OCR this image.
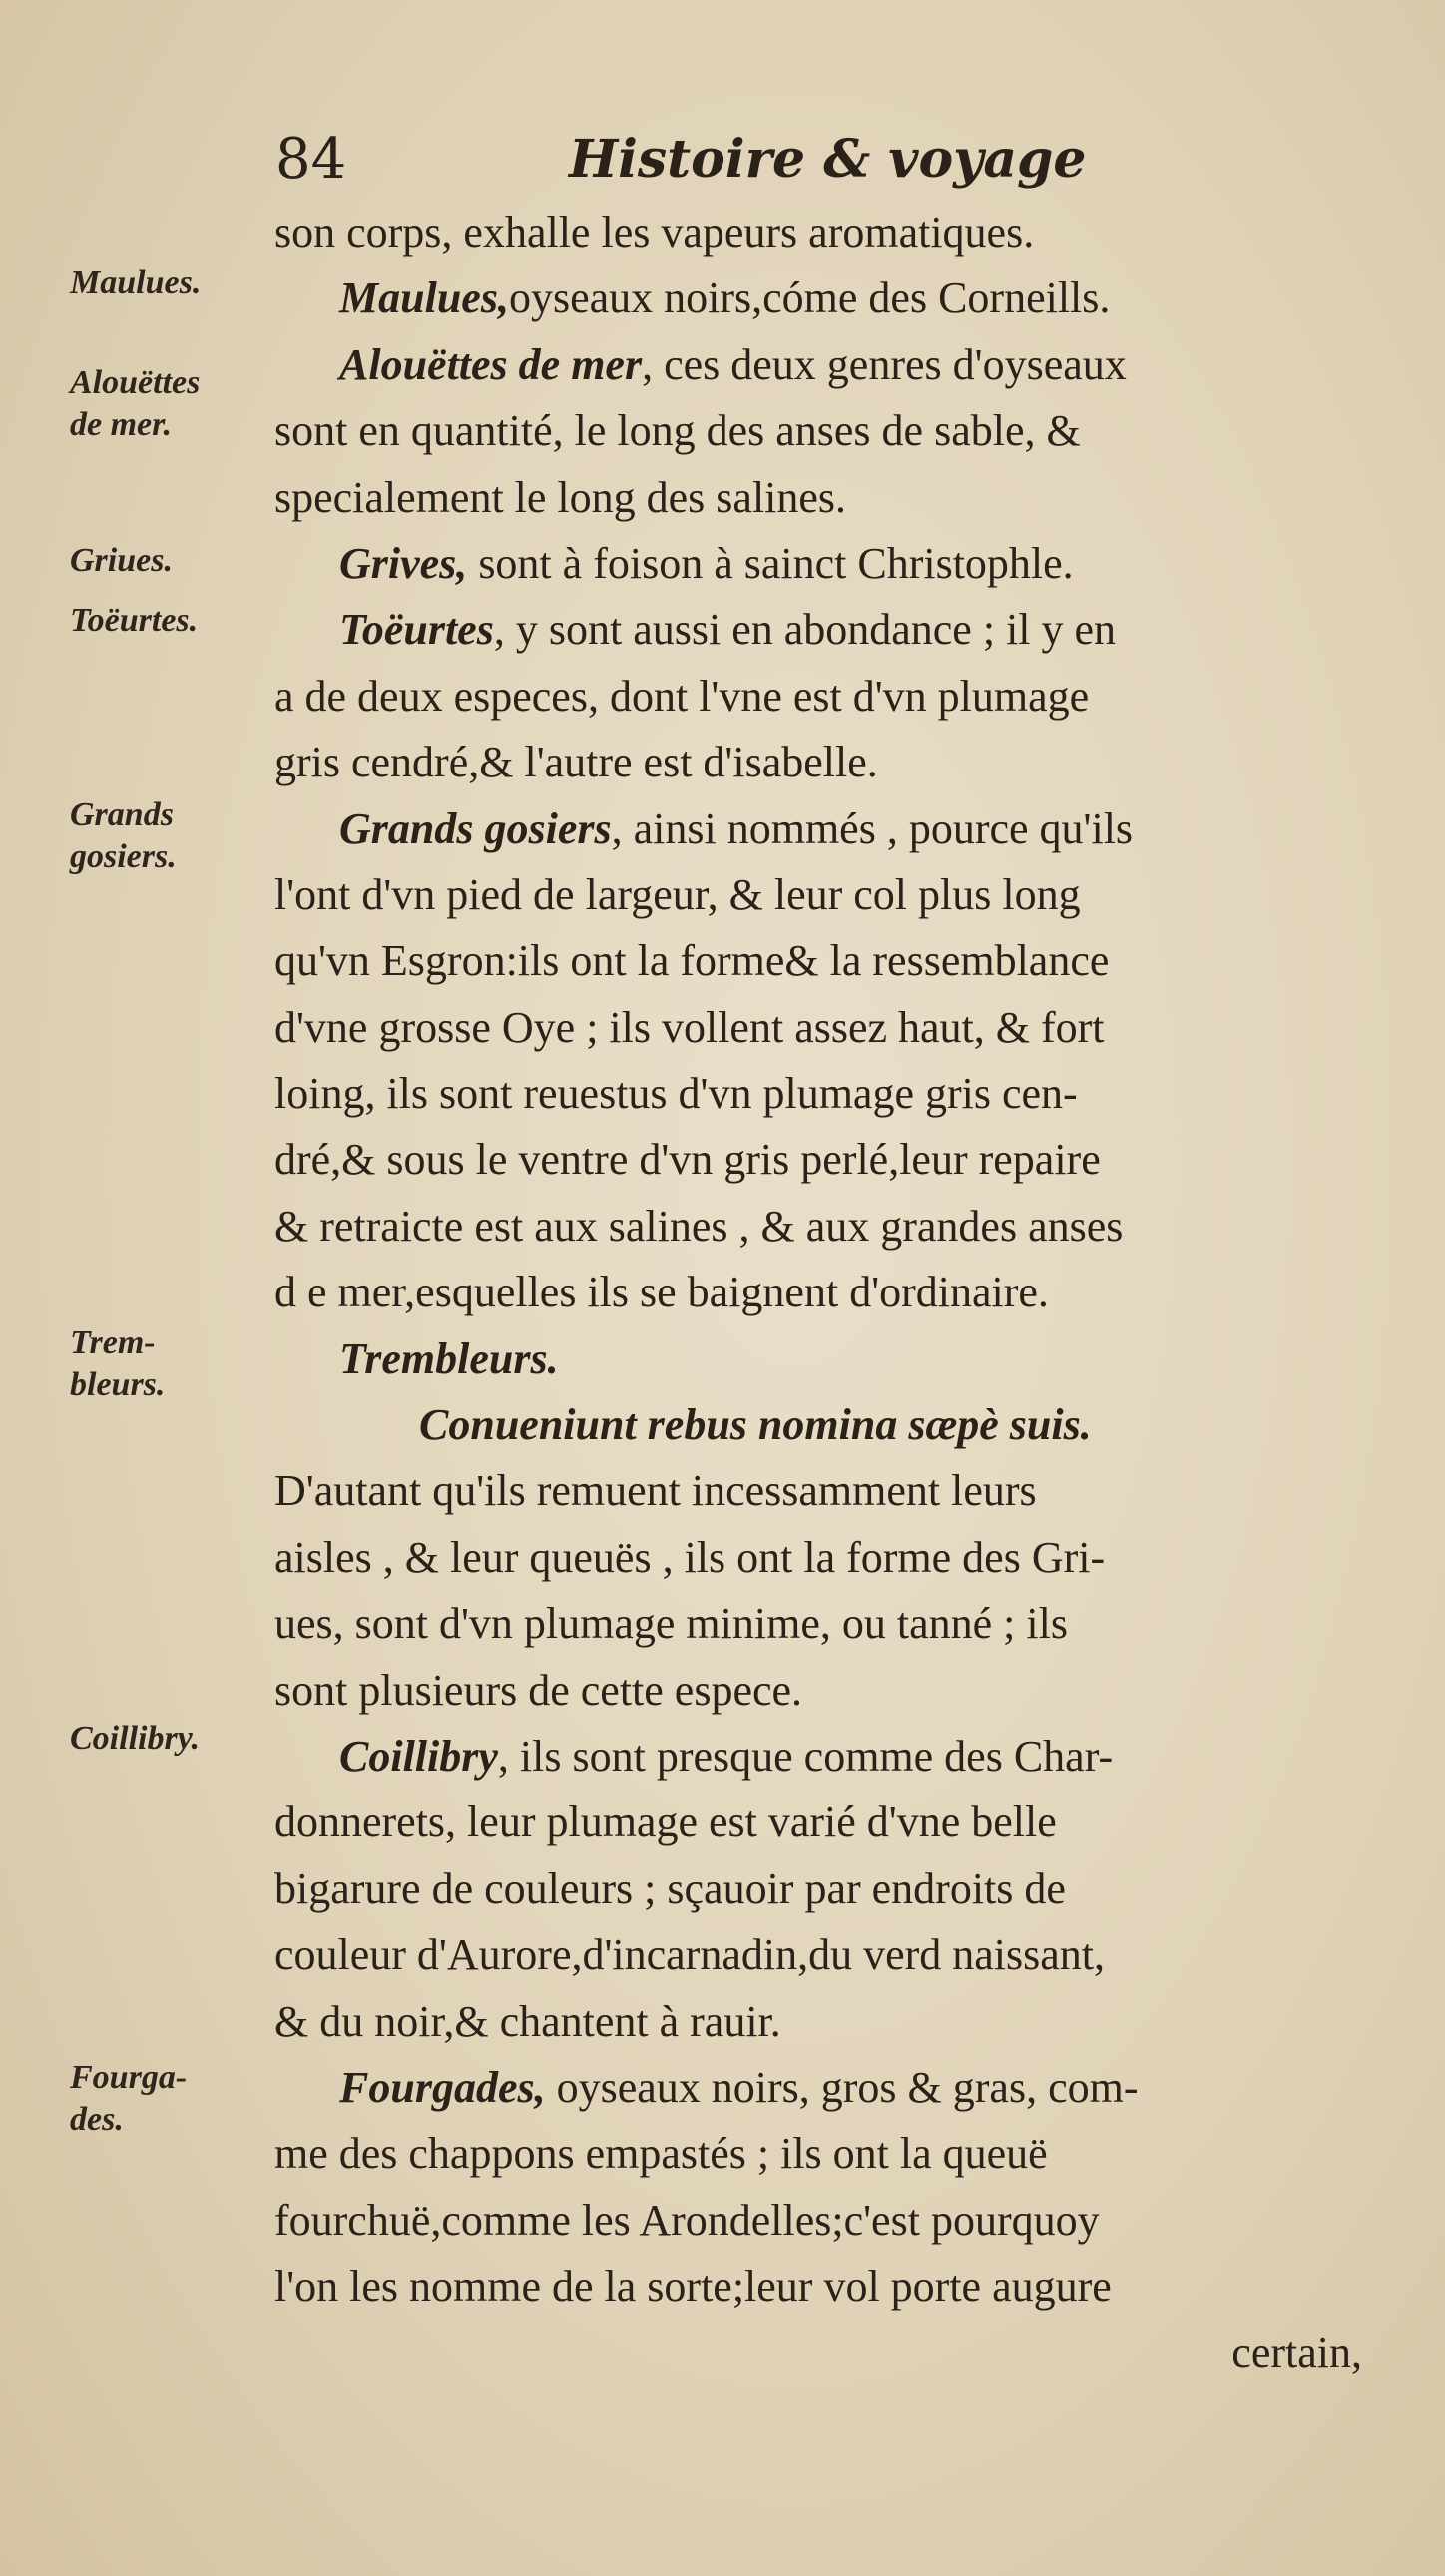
84	Histoire & voyage
Maulues.
Alouëttes
de mer.
Griues.
Toëurtes.
Grands
gosiers.
Trem-
bleurs.
Coillibry.
Fourga-
des.
son corps, exhalle les vapeurs aromatiques.
Maulues,oyseaux noirs,cóme des Corneills.
Alouëttes de mer, ces deux genres d'oyseaux
sont en quantité, le long des anses de sable, &
specialement le long des salines.
Grives, sont à foison à sainct Christophle.
Toëurtes, y sont aussi en abondance ; il y en
a de deux especes, dont l'vne est d'vn plumage
gris cendré,& l'autre est d'isabelle.
Grands gosiers, ainsi nommés , pource qu'ils
l'ont d'vn pied de largeur, & leur col plus long
qu'vn Esgron:ils ont la forme& la ressemblance
d'vne grosse Oye ; ils vollent assez haut, & fort
loing, ils sont reuestus d'vn plumage gris cen-
dré,& sous le ventre d'vn gris perlé,leur repaire
& retraicte est aux salines , & aux grandes anses
d e mer,esquelles ils se baignent d'ordinaire.
Trembleurs.
Conueniunt rebus nomina sæpè suis.
D'autant qu'ils remuent incessamment leurs
aisles , & leur queuës , ils ont la forme des Gri-
ues, sont d'vn plumage minime, ou tanné ; ils
sont plusieurs de cette espece.
Coillibry, ils sont presque comme des Char-
donnerets, leur plumage est varié d'vne belle
bigarure de couleurs ; sçauoir par endroits de
couleur d'Aurore,d'incarnadin,du verd naissant,
& du noir,& chantent à rauir.
Fourgades, oyseaux noirs, gros & gras, com-
me des chappons empastés ; ils ont la queuë
fourchuë,comme les Arondelles;c'est pourquoy
l'on les nomme de la sorte;leur vol porte augure
certain,
